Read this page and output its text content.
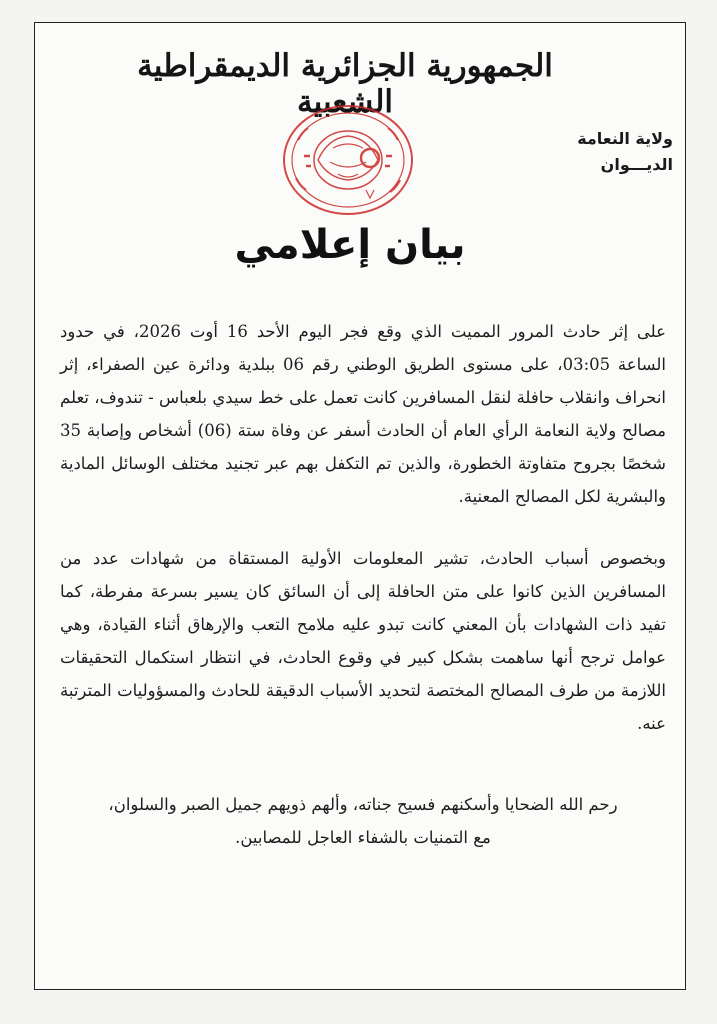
الجمهورية الجزائرية الديمقراطية الشعبية
ولاية النعامة
الديـــوان
بيان إعلامي
على إثر حادث المرور المميت الذي وقع فجر اليوم الأحد 16 أوت 2026، في حدود الساعة 03:05، على مستوى الطريق الوطني رقم 06 ببلدية ودائرة عين الصفراء، إثر انحراف وانقلاب حافلة لنقل المسافرين كانت تعمل على خط سيدي بلعباس - تندوف، تعلم مصالح ولاية النعامة الرأي العام أن الحادث أسفر عن وفاة ستة (06) أشخاص وإصابة 35 شخصًا بجروح متفاوتة الخطورة، والذين تم التكفل بهم عبر تجنيد مختلف الوسائل المادية والبشرية لكل المصالح المعنية.
وبخصوص أسباب الحادث، تشير المعلومات الأولية المستقاة من شهادات عدد من المسافرين الذين كانوا على متن الحافلة إلى أن السائق كان يسير بسرعة مفرطة، كما تفيد ذات الشهادات بأن المعني كانت تبدو عليه ملامح التعب والإرهاق أثناء القيادة، وهي عوامل ترجح أنها ساهمت بشكل كبير في وقوع الحادث، في انتظار استكمال التحقيقات اللازمة من طرف المصالح المختصة لتحديد الأسباب الدقيقة للحادث والمسؤوليات المترتبة عنه.
رحم الله الضحايا وأسكنهم فسيح جناته، وألهم ذويهم جميل الصبر والسلوان،
مع التمنيات بالشفاء العاجل للمصابين.
